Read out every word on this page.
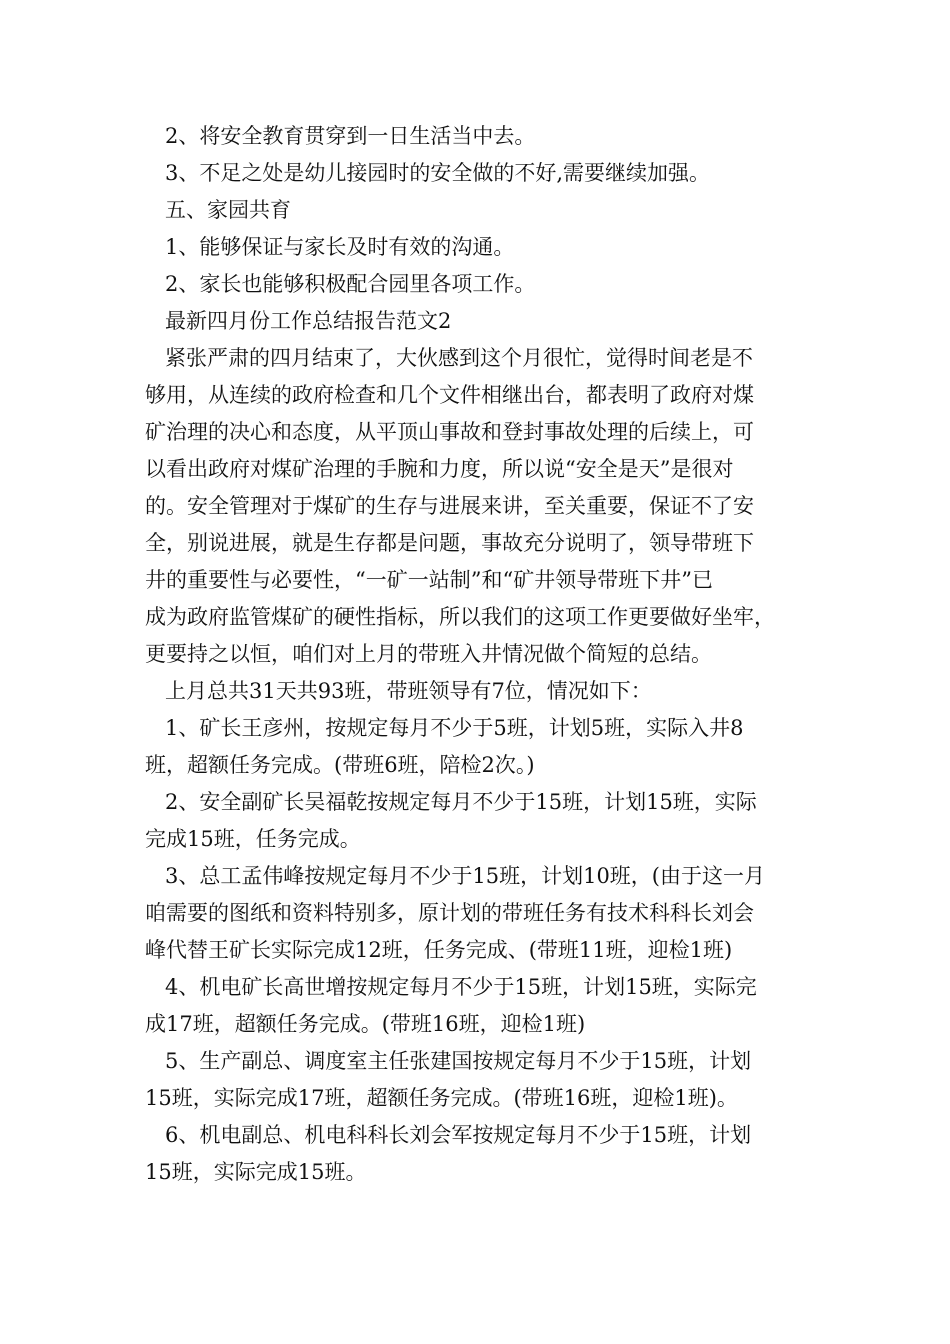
2、将安全教育贯穿到一日生活当中去。

3、不足之处是幼儿接园时的安全做的不好,需要继续加强。

五、家园共育

1、能够保证与家长及时有效的沟通。

2、家长也能够积极配合园里各项工作。

最新四月份工作总结报告范文2

紧张严肃的四月结束了，大伙感到这个月很忙，觉得时间老是不

够用，从连续的政府检查和几个文件相继出台，都表明了政府对煤

矿治理的决心和态度，从平顶山事故和登封事故处理的后续上，可

以看出政府对煤矿治理的手腕和力度，所以说“安全是天”是很对

的。安全管理对于煤矿的生存与进展来讲，至关重要，保证不了安

全，别说进展，就是生存都是问题，事故充分说明了，领导带班下

井的重要性与必要性，“一矿一站制”和“矿井领导带班下井”已

成为政府监管煤矿的硬性指标，所以我们的这项工作更要做好坐牢，

更要持之以恒，咱们对上月的带班入井情况做个简短的总结。

上月总共31天共93班，带班领导有7位，情况如下：

1、矿长王彦州，按规定每月不少于5班，计划5班，实际入井8

班，超额任务完成。(带班6班，陪检2次。)

2、安全副矿长吴福乾按规定每月不少于15班，计划15班，实际

完成15班，任务完成。

3、总工孟伟峰按规定每月不少于15班，计划10班，(由于这一月

咱需要的图纸和资料特别多，原计划的带班任务有技术科科长刘会

峰代替王矿长实际完成12班，任务完成、(带班11班，迎检1班)

4、机电矿长高世增按规定每月不少于15班，计划15班，实际完

成17班，超额任务完成。(带班16班，迎检1班)

5、生产副总、调度室主任张建国按规定每月不少于15班，计划

15班，实际完成17班，超额任务完成。(带班16班，迎检1班)。

6、机电副总、机电科科长刘会军按规定每月不少于15班，计划

15班，实际完成15班。
